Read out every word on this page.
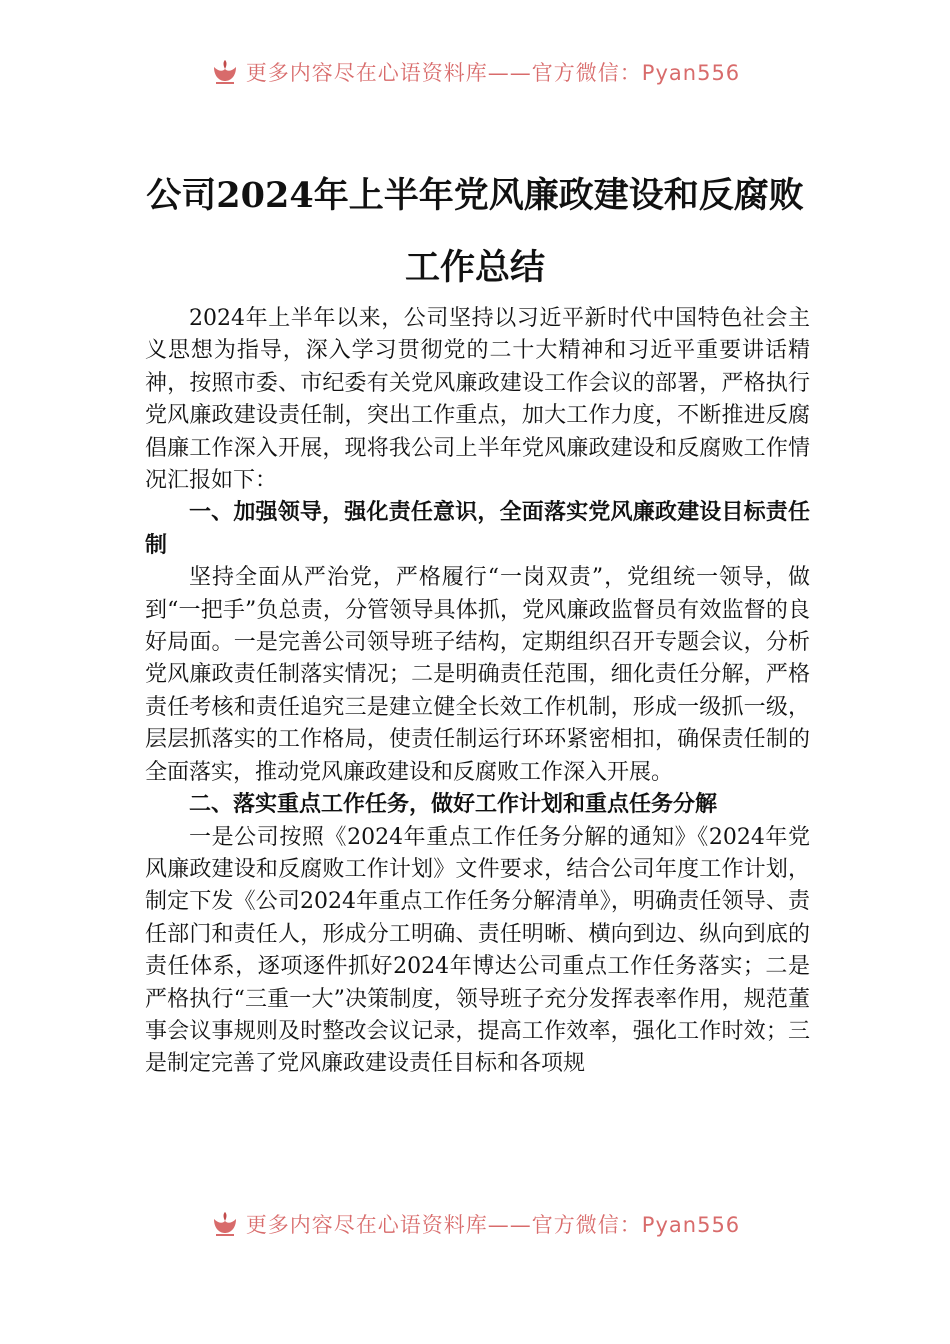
更多内容尽在心语资料库——官方微信：Pyan556
公司2024年上半年党风廉政建设和反腐败
工作总结

2024年上半年以来，公司坚持以习近平新时代中国特色社会主义思想为指导，深入学习贯彻党的二十大精神和习近平重要讲话精神，按照市委、市纪委有关党风廉政建设工作会议的部署，严格执行党风廉政建设责任制，突出工作重点，加大工作力度，不断推进反腐倡廉工作深入开展，现将我公司上半年党风廉政建设和反腐败工作情况汇报如下：

一、加强领导，强化责任意识，全面落实党风廉政建设目标责任制

坚持全面从严治党，严格履行“一岗双责”，党组统一领导，做到“一把手”负总责，分管领导具体抓，党风廉政监督员有效监督的良好局面。一是完善公司领导班子结构，定期组织召开专题会议，分析党风廉政责任制落实情况；二是明确责任范围，细化责任分解，严格责任考核和责任追究三是建立健全长效工作机制，形成一级抓一级，层层抓落实的工作格局，使责任制运行环环紧密相扣，确保责任制的全面落实，推动党风廉政建设和反腐败工作深入开展。

二、落实重点工作任务，做好工作计划和重点任务分解

一是公司按照《2024年重点工作任务分解的通知》《2024年党风廉政建设和反腐败工作计划》文件要求，结合公司年度工作计划，制定下发《公司2024年重点工作任务分解清单》，明确责任领导、责任部门和责任人，形成分工明确、责任明晰、横向到边、纵向到底的责任体系，逐项逐件抓好2024年博达公司重点工作任务落实；二是严格执行“三重一大”决策制度，领导班子充分发挥表率作用，规范董事会议事规则及时整改会议记录，提高工作效率，强化工作时效；三是制定完善了党风廉政建设责任目标和各项规

更多内容尽在心语资料库——官方微信：Pyan556
